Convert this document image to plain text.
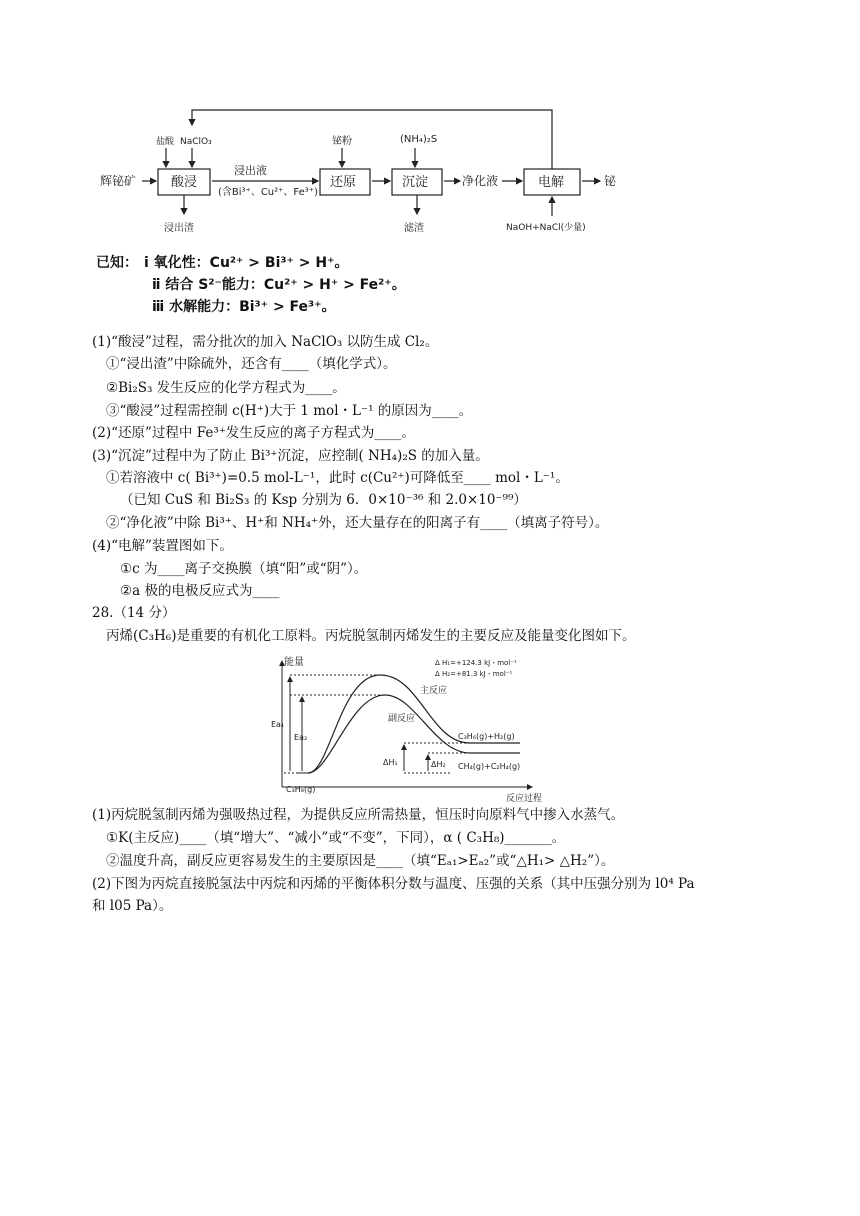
辉铋矿
盐酸 NaClO₃
酸浸
浸出液
(含Bi³⁺、Cu²⁺、Fe³⁺)
浸出渣
铋粉
还原
(NH₄)₂S
沉淀
滤渣
净化液	电解	铋
NaOH+NaCl(少量)
已知： ⅰ 氧化性：Cu²⁺ > Bi³⁺ > H⁺。
ⅱ 结合 S²⁻能力：Cu²⁺ > H⁺ > Fe²⁺。
ⅲ 水解能力：Bi³⁺ > Fe³⁺。
(1)“酸浸”过程，需分批次的加入 NaClO₃ 以防生成 Cl₂。
①“浸出渣”中除硫外，还含有____（填化学式）。
②Bi₂S₃ 发生反应的化学方程式为____。
③“酸浸”过程需控制 c(H⁺)大于 1 mol・L⁻¹ 的原因为____。
(2)“还原”过程中 Fe³⁺发生反应的离子方程式为____。
(3)“沉淀”过程中为了防止 Bi³⁺沉淀，应控制( NH₄)₂S 的加入量。
①若溶液中 c( Bi³⁺)=0.5 mol-L⁻¹，此时 c(Cu²⁺)可降低至____ mol・L⁻¹。
（已知 CuS 和 Bi₂S₃ 的 Ksp 分别为 6．0×10⁻³⁶ 和 2.0×10⁻⁹⁹）
②“净化液”中除 Bi³⁺、H⁺和 NH₄⁺外，还大量存在的阳离子有____（填离子符号）。
(4)“电解”装置图如下。
①c 为____离子交换膜（填“阳”或“阴”）。
②a 极的电极反应式为____
28.（14 分）
丙烯(C₃H₆)是重要的有机化工原料。丙烷脱氢制丙烯发生的主要反应及能量变化图如下。
能量
反应过程
Δ H₁=+124.3 kJ・mol⁻¹
Δ H₂=+81.3 kJ・mol⁻¹
主反应
副反应
C₃H₆(g)+H₂(g)
CH₄(g)+C₂H₄(g)
C₃H₈(g)
Ea₁
Ea₂
ΔH₁	ΔH₂
(1)丙烷脱氢制丙烯为强吸热过程，为提供反应所需热量，恒压时向原料气中掺入水蒸气。
①K(主反应)____（填“增大”、“减小”或“不变”，下同），α ( C₃H₈)_______。
②温度升高，副反应更容易发生的主要原因是____（填“Eₐ₁>Eₐ₂”或“△H₁> △H₂”）。
(2)下图为丙烷直接脱氢法中丙烷和丙烯的平衡体积分数与温度、压强的关系（其中压强分别为 l0⁴ Pa
和 l05 Pa）。
